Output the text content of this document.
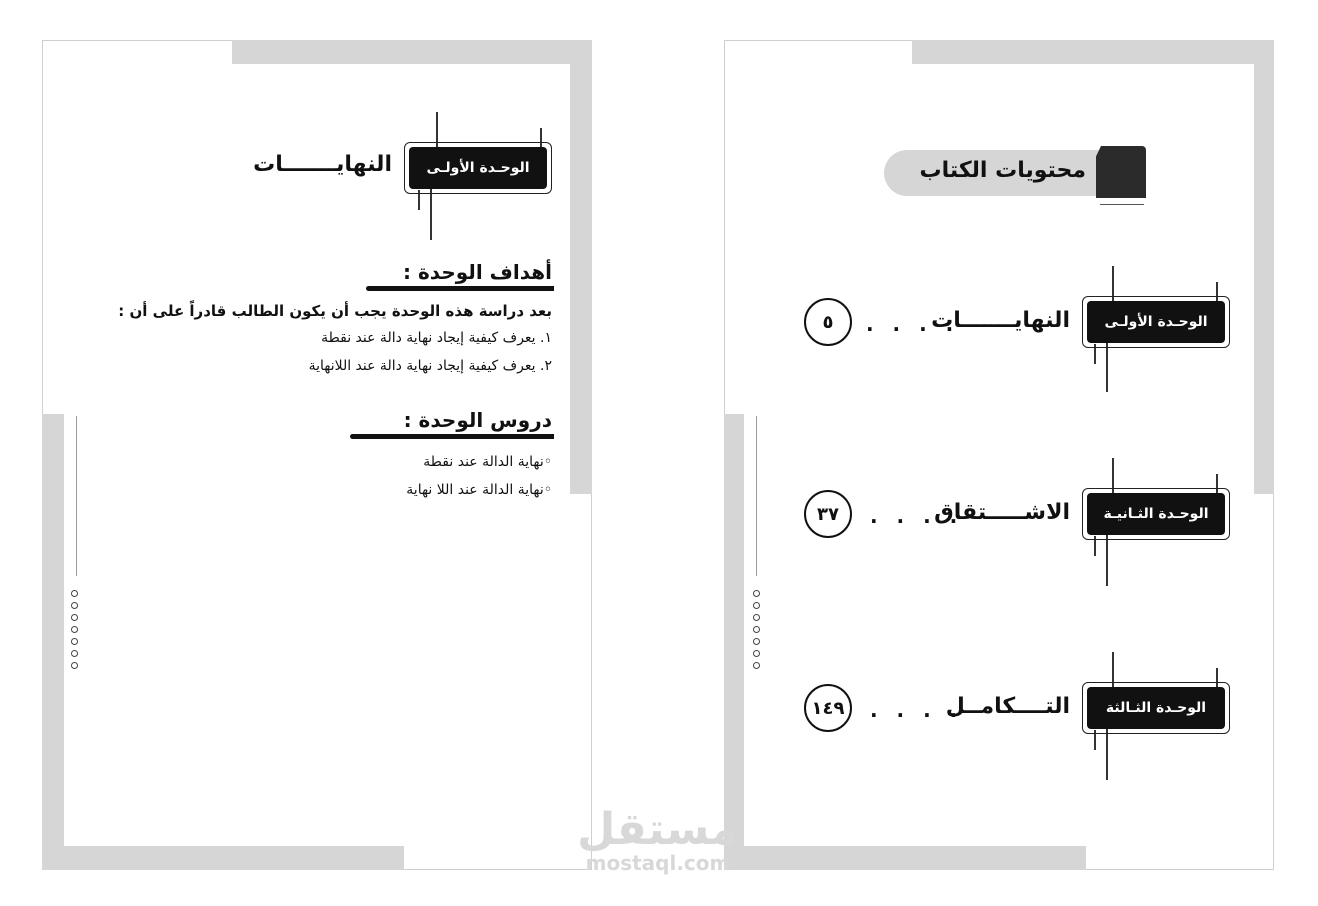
الوحـدة الأولـى
النهايـــــــات
أهداف الوحدة :
بعد دراسة هذه الوحدة يجب أن يكون الطالب قادراً على أن :
١. يعرف كيفية إيجاد نهاية دالة عند نقطة
٢. يعرف كيفية إيجاد نهاية دالة عند اللانهاية
دروس الوحدة :
◦نهاية الدالة عند نقطة
◦نهاية الدالة عند اللا نهاية
محتويات الكتاب
الوحـدة الأولـى
النهايـــــــات
. . . .
٥
الوحـدة الثـانيـة
الاشـــــتقاق
. . . .
٣٧
الوحـدة الثـالثة
التــــكامــل
. . . .
١٤٩
مستقل
mostaql.com
